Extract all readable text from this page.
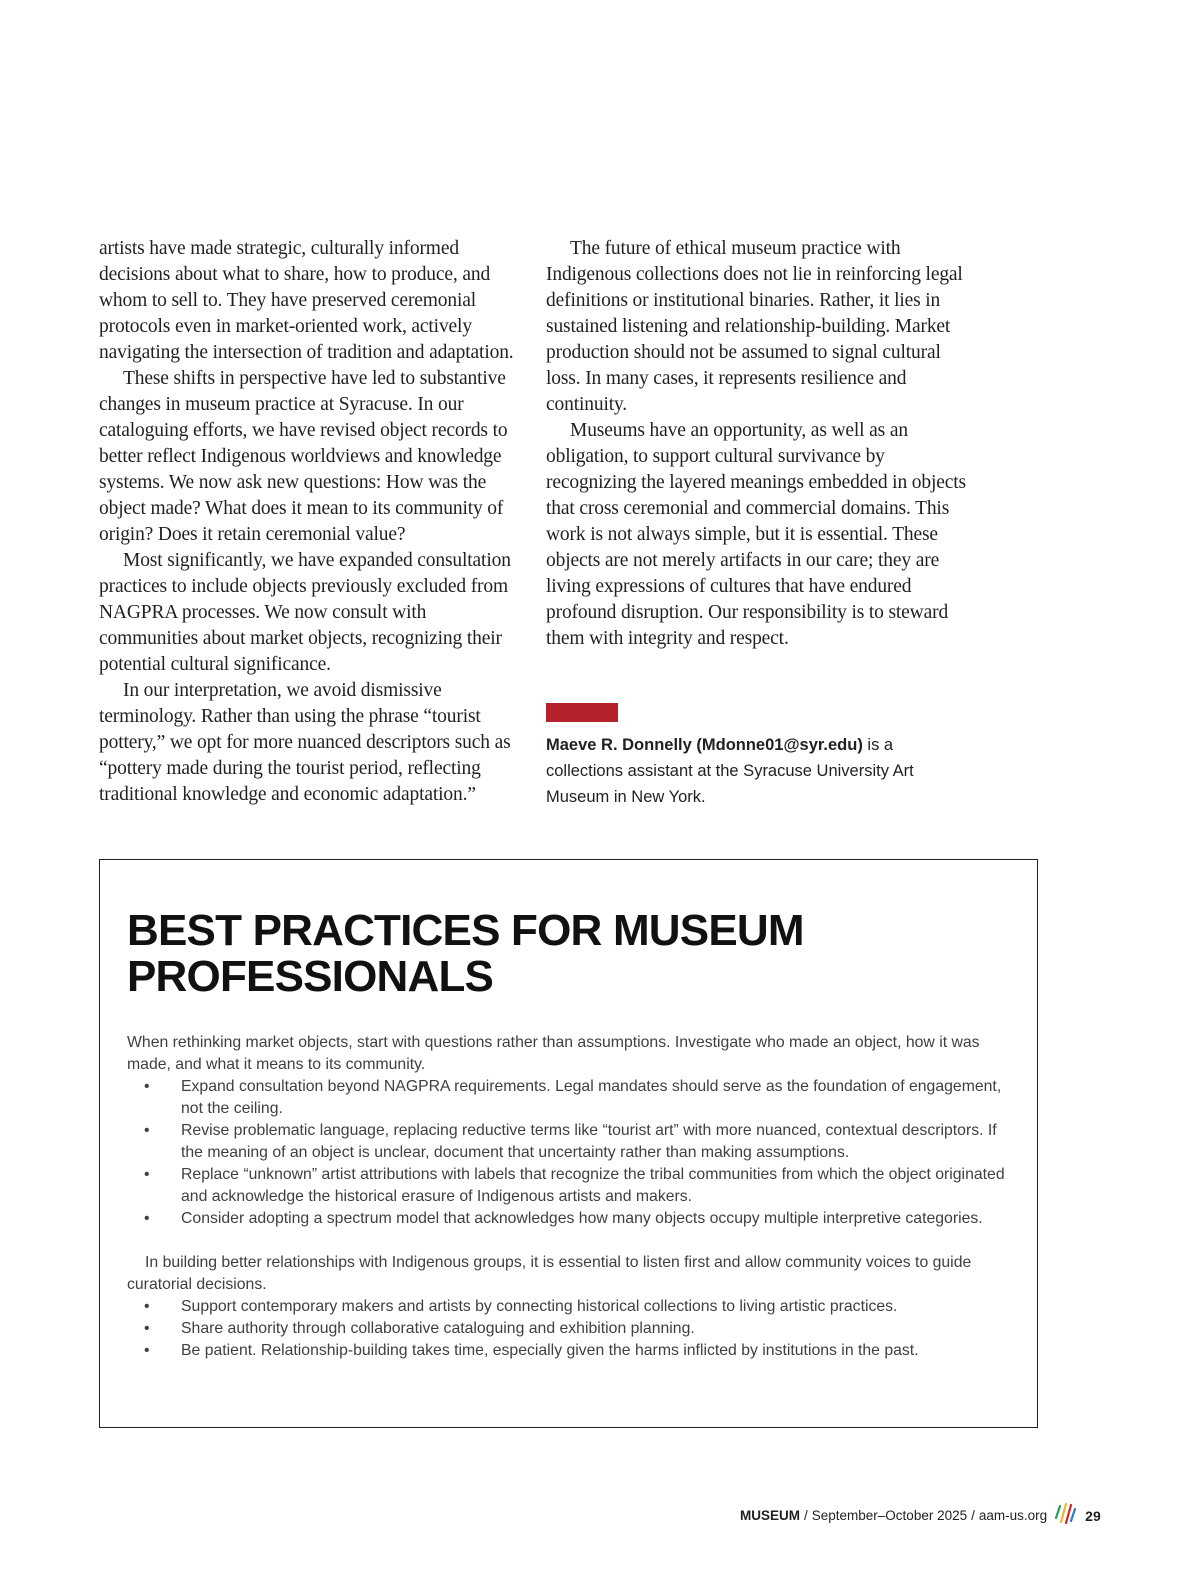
artists have made strategic, culturally informed decisions about what to share, how to produce, and whom to sell to. They have preserved ceremonial protocols even in market-oriented work, actively navigating the intersection of tradition and adaptation.

These shifts in perspective have led to substantive changes in museum practice at Syracuse. In our cataloguing efforts, we have revised object records to better reflect Indigenous worldviews and knowledge systems. We now ask new questions: How was the object made? What does it mean to its community of origin? Does it retain ceremonial value?

Most significantly, we have expanded consultation practices to include objects previously excluded from NAGPRA processes. We now consult with communities about market objects, recognizing their potential cultural significance.

In our interpretation, we avoid dismissive terminology. Rather than using the phrase “tourist pottery,” we opt for more nuanced descriptors such as “pottery made during the tourist period, reflecting traditional knowledge and economic adaptation.”

The future of ethical museum practice with Indigenous collections does not lie in reinforcing legal definitions or institutional binaries. Rather, it lies in sustained listening and relationship-building. Market production should not be assumed to signal cultural loss. In many cases, it represents resilience and continuity.

Museums have an opportunity, as well as an obligation, to support cultural survivance by recognizing the layered meanings embedded in objects that cross ceremonial and commercial domains. This work is not always simple, but it is essential. These objects are not merely artifacts in our care; they are living expressions of cultures that have endured profound disruption. Our responsibility is to steward them with integrity and respect.

Maeve R. Donnelly (Mdonne01@syr.edu) is a collections assistant at the Syracuse University Art Museum in New York.
BEST PRACTICES FOR MUSEUM PROFESSIONALS

When rethinking market objects, start with questions rather than assumptions. Investigate who made an object, how it was made, and what it means to its community.

• Expand consultation beyond NAGPRA requirements. Legal mandates should serve as the foundation of engagement, not the ceiling.
• Revise problematic language, replacing reductive terms like “tourist art” with more nuanced, contextual descriptors. If the meaning of an object is unclear, document that uncertainty rather than making assumptions.
• Replace “unknown” artist attributions with labels that recognize the tribal communities from which the object originated and acknowledge the historical erasure of Indigenous artists and makers.
• Consider adopting a spectrum model that acknowledges how many objects occupy multiple interpretive categories.

In building better relationships with Indigenous groups, it is essential to listen first and allow community voices to guide curatorial decisions.

• Support contemporary makers and artists by connecting historical collections to living artistic practices.
• Share authority through collaborative cataloguing and exhibition planning.
• Be patient. Relationship-building takes time, especially given the harms inflicted by institutions in the past.
MUSEUM / September–October 2025 / aam-us.org	29
